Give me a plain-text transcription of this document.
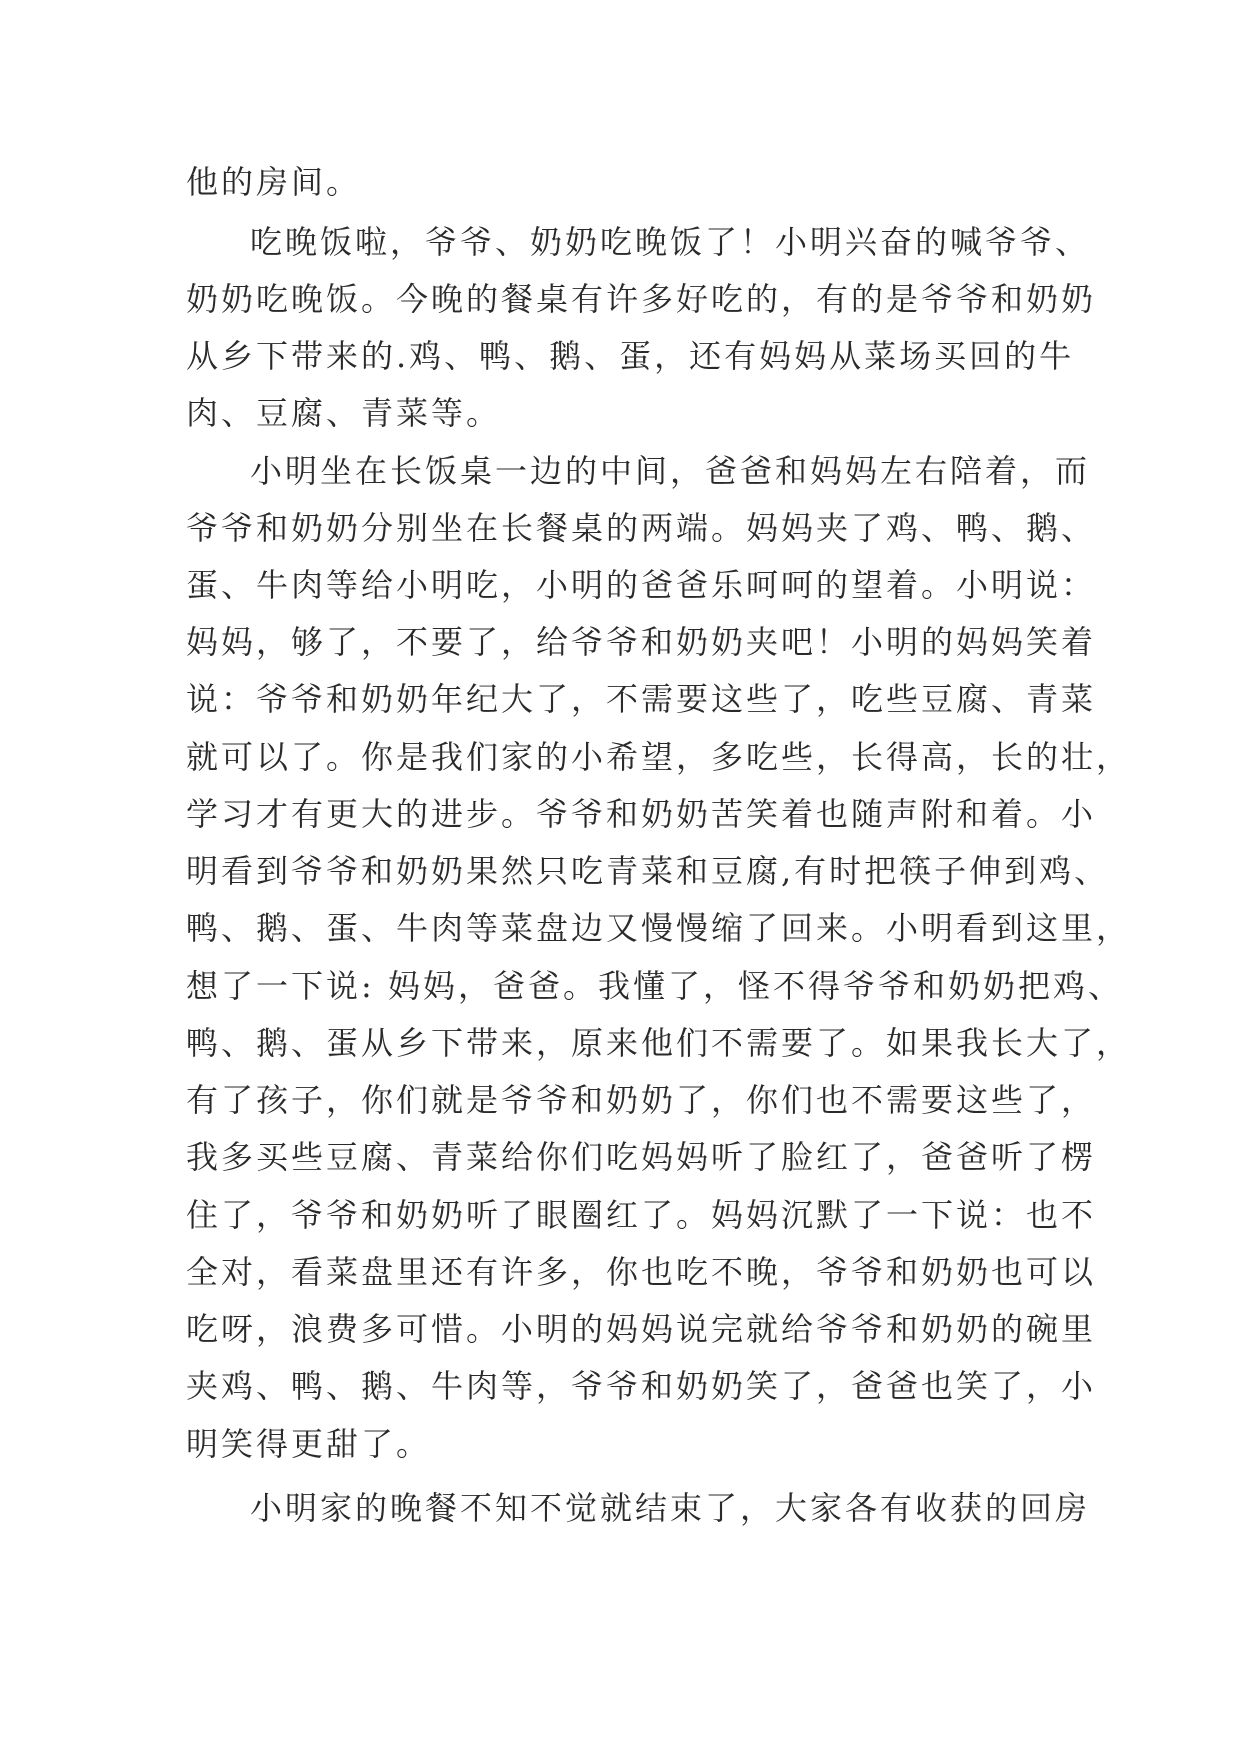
他的房间。
吃晚饭啦，爷爷、奶奶吃晚饭了！小明兴奋的喊爷爷、
奶奶吃晚饭。今晚的餐桌有许多好吃的，有的是爷爷和奶奶
从乡下带来的.鸡、鸭、鹅、蛋，还有妈妈从菜场买回的牛
肉、豆腐、青菜等。
小明坐在长饭桌一边的中间，爸爸和妈妈左右陪着，而
爷爷和奶奶分别坐在长餐桌的两端。妈妈夹了鸡、鸭、鹅、
蛋、牛肉等给小明吃，小明的爸爸乐呵呵的望着。小明说：
妈妈，够了，不要了，给爷爷和奶奶夹吧！小明的妈妈笑着
说：爷爷和奶奶年纪大了，不需要这些了，吃些豆腐、青菜
就可以了。你是我们家的小希望，多吃些，长得高，长的壮，
学习才有更大的进步。爷爷和奶奶苦笑着也随声附和着。小
明看到爷爷和奶奶果然只吃青菜和豆腐,有时把筷子伸到鸡、
鸭、鹅、蛋、牛肉等菜盘边又慢慢缩了回来。小明看到这里，
想了一下说: 妈妈，爸爸。我懂了，怪不得爷爷和奶奶把鸡、
鸭、鹅、蛋从乡下带来，原来他们不需要了。如果我长大了，
有了孩子，你们就是爷爷和奶奶了，你们也不需要这些了，
我多买些豆腐、青菜给你们吃妈妈听了脸红了，爸爸听了楞
住了，爷爷和奶奶听了眼圈红了。妈妈沉默了一下说：也不
全对，看菜盘里还有许多，你也吃不晚，爷爷和奶奶也可以
吃呀，浪费多可惜。小明的妈妈说完就给爷爷和奶奶的碗里
夹鸡、鸭、鹅、牛肉等，爷爷和奶奶笑了，爸爸也笑了，小
明笑得更甜了。
小明家的晚餐不知不觉就结束了，大家各有收获的回房
